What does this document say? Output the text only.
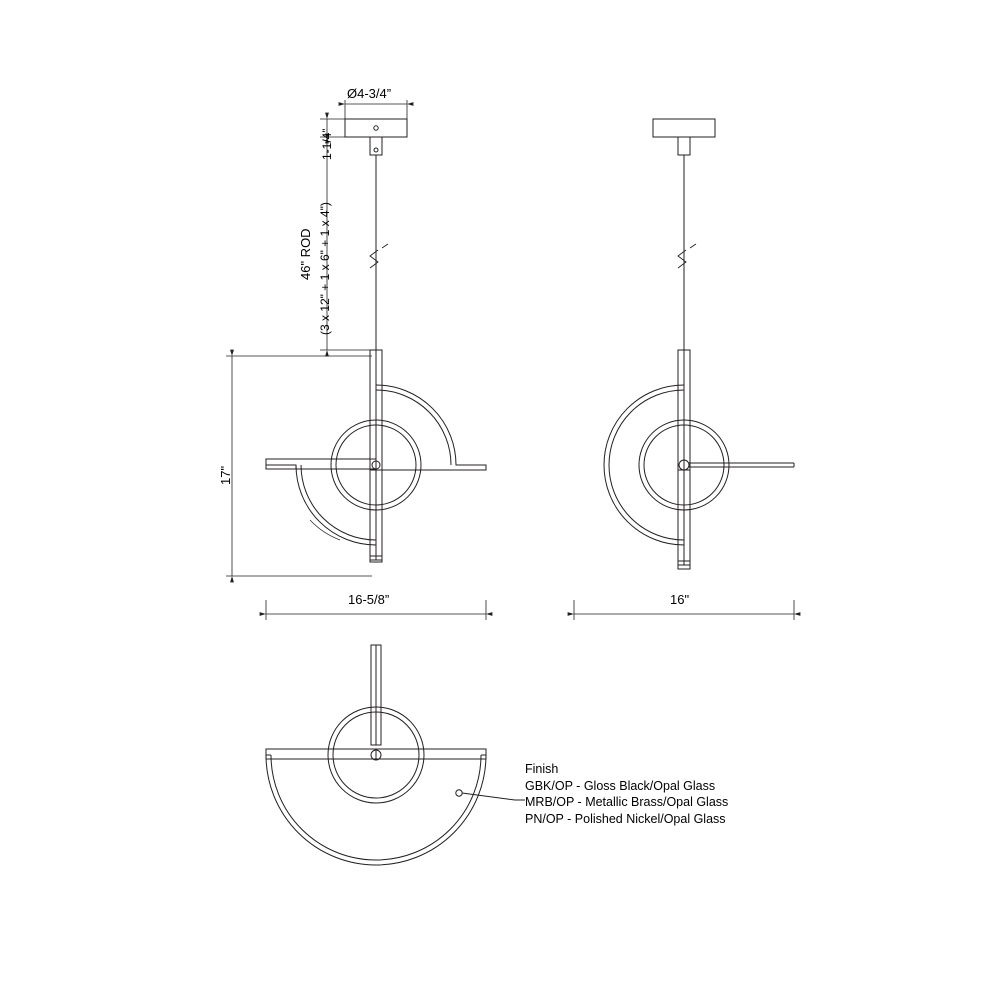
Ø4-3/4”
1-1/4”
46" ROD (3 x 12" + 1 x 6" + 1 x 4")
17"
16-5/8”	16"
Finish
GBK/OP - Gloss Black/Opal Glass
MRB/OP - Metallic Brass/Opal Glass
PN/OP - Polished Nickel/Opal Glass
